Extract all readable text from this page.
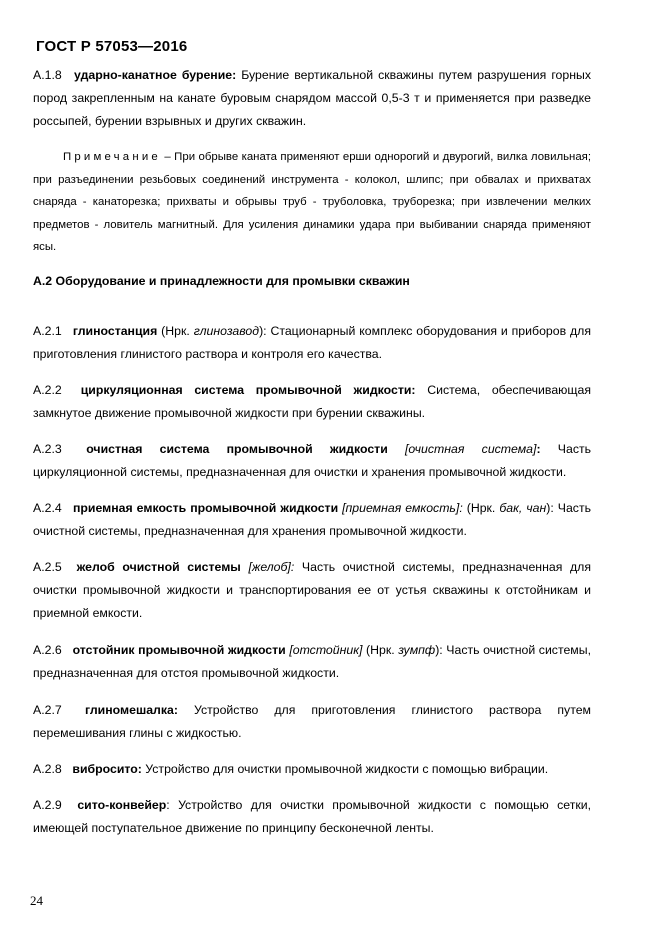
ГОСТ Р 57053—2016
А.1.8 ударно-канатное бурение: Бурение вертикальной скважины путем разрушения горных пород закрепленным на канате буровым снарядом массой 0,5-3 т и применяется при разведке россыпей, бурении взрывных и других скважин.
Примечание – При обрыве каната применяют ерши однорогий и двурогий, вилка ловильная; при разъединении резьбовых соединений инструмента - колокол, шлипс; при обвалах и прихватах снаряда - канаторезка; прихваты и обрывы труб - труболовка, труборезка; при извлечении мелких предметов - ловитель магнитный. Для усиления динамики удара при выбивании снаряда применяют ясы.
А.2 Оборудование и принадлежности для промывки скважин
А.2.1 глиностанция (Нрк. глинозавод): Стационарный комплекс оборудования и приборов для приготовления глинистого раствора и контроля его качества.
А.2.2 циркуляционная система промывочной жидкости: Система, обеспечивающая замкнутое движение промывочной жидкости при бурении скважины.
А.2.3 очистная система промывочной жидкости [очистная система]: Часть циркуляционной системы, предназначенная для очистки и хранения промывочной жидкости.
А.2.4 приемная емкость промывочной жидкости [приемная емкость]: (Нрк. бак, чан): Часть очистной системы, предназначенная для хранения промывочной жидкости.
А.2.5 желоб очистной системы [желоб]: Часть очистной системы, предназначенная для очистки промывочной жидкости и транспортирования ее от устья скважины к отстойникам и приемной емкости.
А.2.6 отстойник промывочной жидкости [отстойник] (Нрк. зумпф): Часть очистной системы, предназначенная для отстоя промывочной жидкости.
А.2.7 глиномешалка: Устройство для приготовления глинистого раствора путем перемешивания глины с жидкостью.
А.2.8 вибросито: Устройство для очистки промывочной жидкости с помощью вибрации.
А.2.9 сито-конвейер: Устройство для очистки промывочной жидкости с помощью сетки, имеющей поступательное движение по принципу бесконечной ленты.
24
